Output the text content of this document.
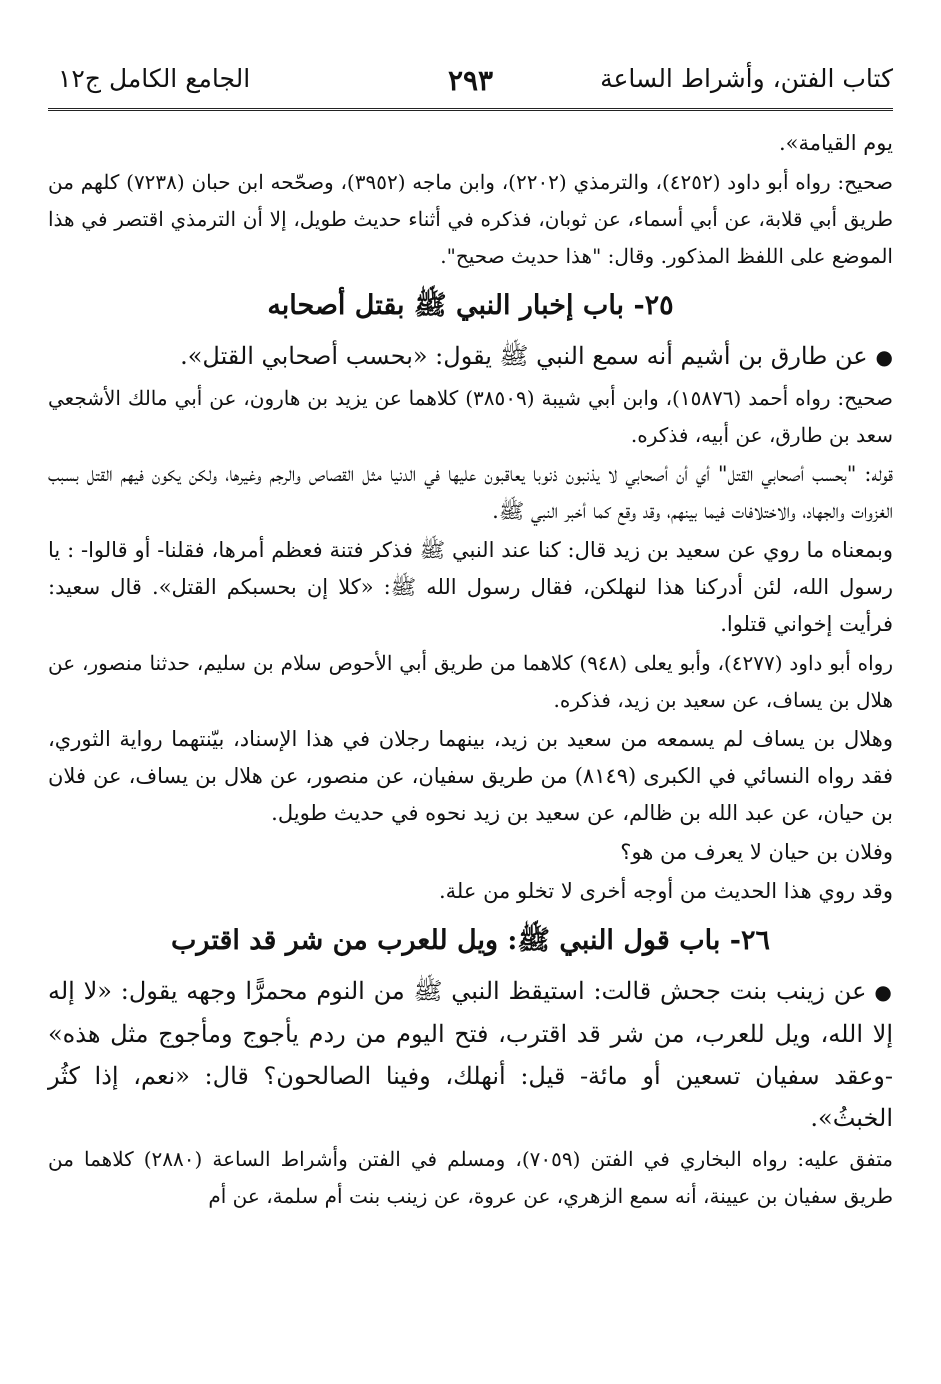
كتاب الفتن، وأشراط الساعة
٢٩٣
الجامع الكامل ج١٢

يوم القيامة».

صحيح: رواه أبو داود (٤٢٥٢)، والترمذي (٢٢٠٢)، وابن ماجه (٣٩٥٢)، وصحّحه ابن حبان (٧٢٣٨) كلهم من طريق أبي قلابة، عن أبي أسماء، عن ثوبان، فذكره في أثناء حديث طويل، إلا أن الترمذي اقتصر في هذا الموضع على اللفظ المذكور. وقال: "هذا حديث صحيح".

٢٥- باب إخبار النبي ﷺ بقتل أصحابه

●عن طارق بن أشيم أنه سمع النبي ﷺ يقول: «بحسب أصحابي القتل».

صحيح: رواه أحمد (١٥٨٧٦)، وابن أبي شيبة (٣٨٥٠٩) كلاهما عن يزيد بن هارون، عن أبي مالك الأشجعي سعد بن طارق، عن أبيه، فذكره.

قوله: "بحسب أصحابي القتل" أي أن أصحابي لا يذنبون ذنوبا يعاقبون عليها في الدنيا مثل القصاص والرجم وغيرها، ولكن يكون فيهم القتل بسبب الغزوات والجهاد، والاختلافات فيما بينهم، وقد وقع كما أخبر النبي ﷺ.

وبمعناه ما روي عن سعيد بن زيد قال: كنا عند النبي ﷺ فذكر فتنة فعظم أمرها، فقلنا- أو قالوا- : يا رسول الله، لئن أدركنا هذا لنهلكن، فقال رسول الله ﷺ: «كلا إن بحسبكم القتل». قال سعيد: فرأيت إخواني قتلوا.

رواه أبو داود (٤٢٧٧)، وأبو يعلى (٩٤٨) كلاهما من طريق أبي الأحوص سلام بن سليم، حدثنا منصور، عن هلال بن يساف، عن سعيد بن زيد، فذكره.

وهلال بن يساف لم يسمعه من سعيد بن زيد، بينهما رجلان في هذا الإسناد، بيّنتهما رواية الثوري، فقد رواه النسائي في الكبرى (٨١٤٩) من طريق سفيان، عن منصور، عن هلال بن يساف، عن فلان بن حيان، عن عبد الله بن ظالم، عن سعيد بن زيد نحوه في حديث طويل.

وفلان بن حيان لا يعرف من هو؟

وقد روي هذا الحديث من أوجه أخرى لا تخلو من علة.

٢٦- باب قول النبي ﷺ: ويل للعرب من شر قد اقترب

●عن زينب بنت جحش قالت: استيقظ النبي ﷺ من النوم محمرًّا وجهه يقول: «لا إله إلا الله، ويل للعرب، من شر قد اقترب، فتح اليوم من ردم يأجوج ومأجوج مثل هذه» -وعقد سفيان تسعين أو مائة- قيل: أنهلك، وفينا الصالحون؟ قال: «نعم، إذا كثُر الخبثُ».

متفق عليه: رواه البخاري في الفتن (٧٠٥٩)، ومسلم في الفتن وأشراط الساعة (٢٨٨٠) كلاهما من طريق سفيان بن عيينة، أنه سمع الزهري، عن عروة، عن زينب بنت أم سلمة، عن أم
